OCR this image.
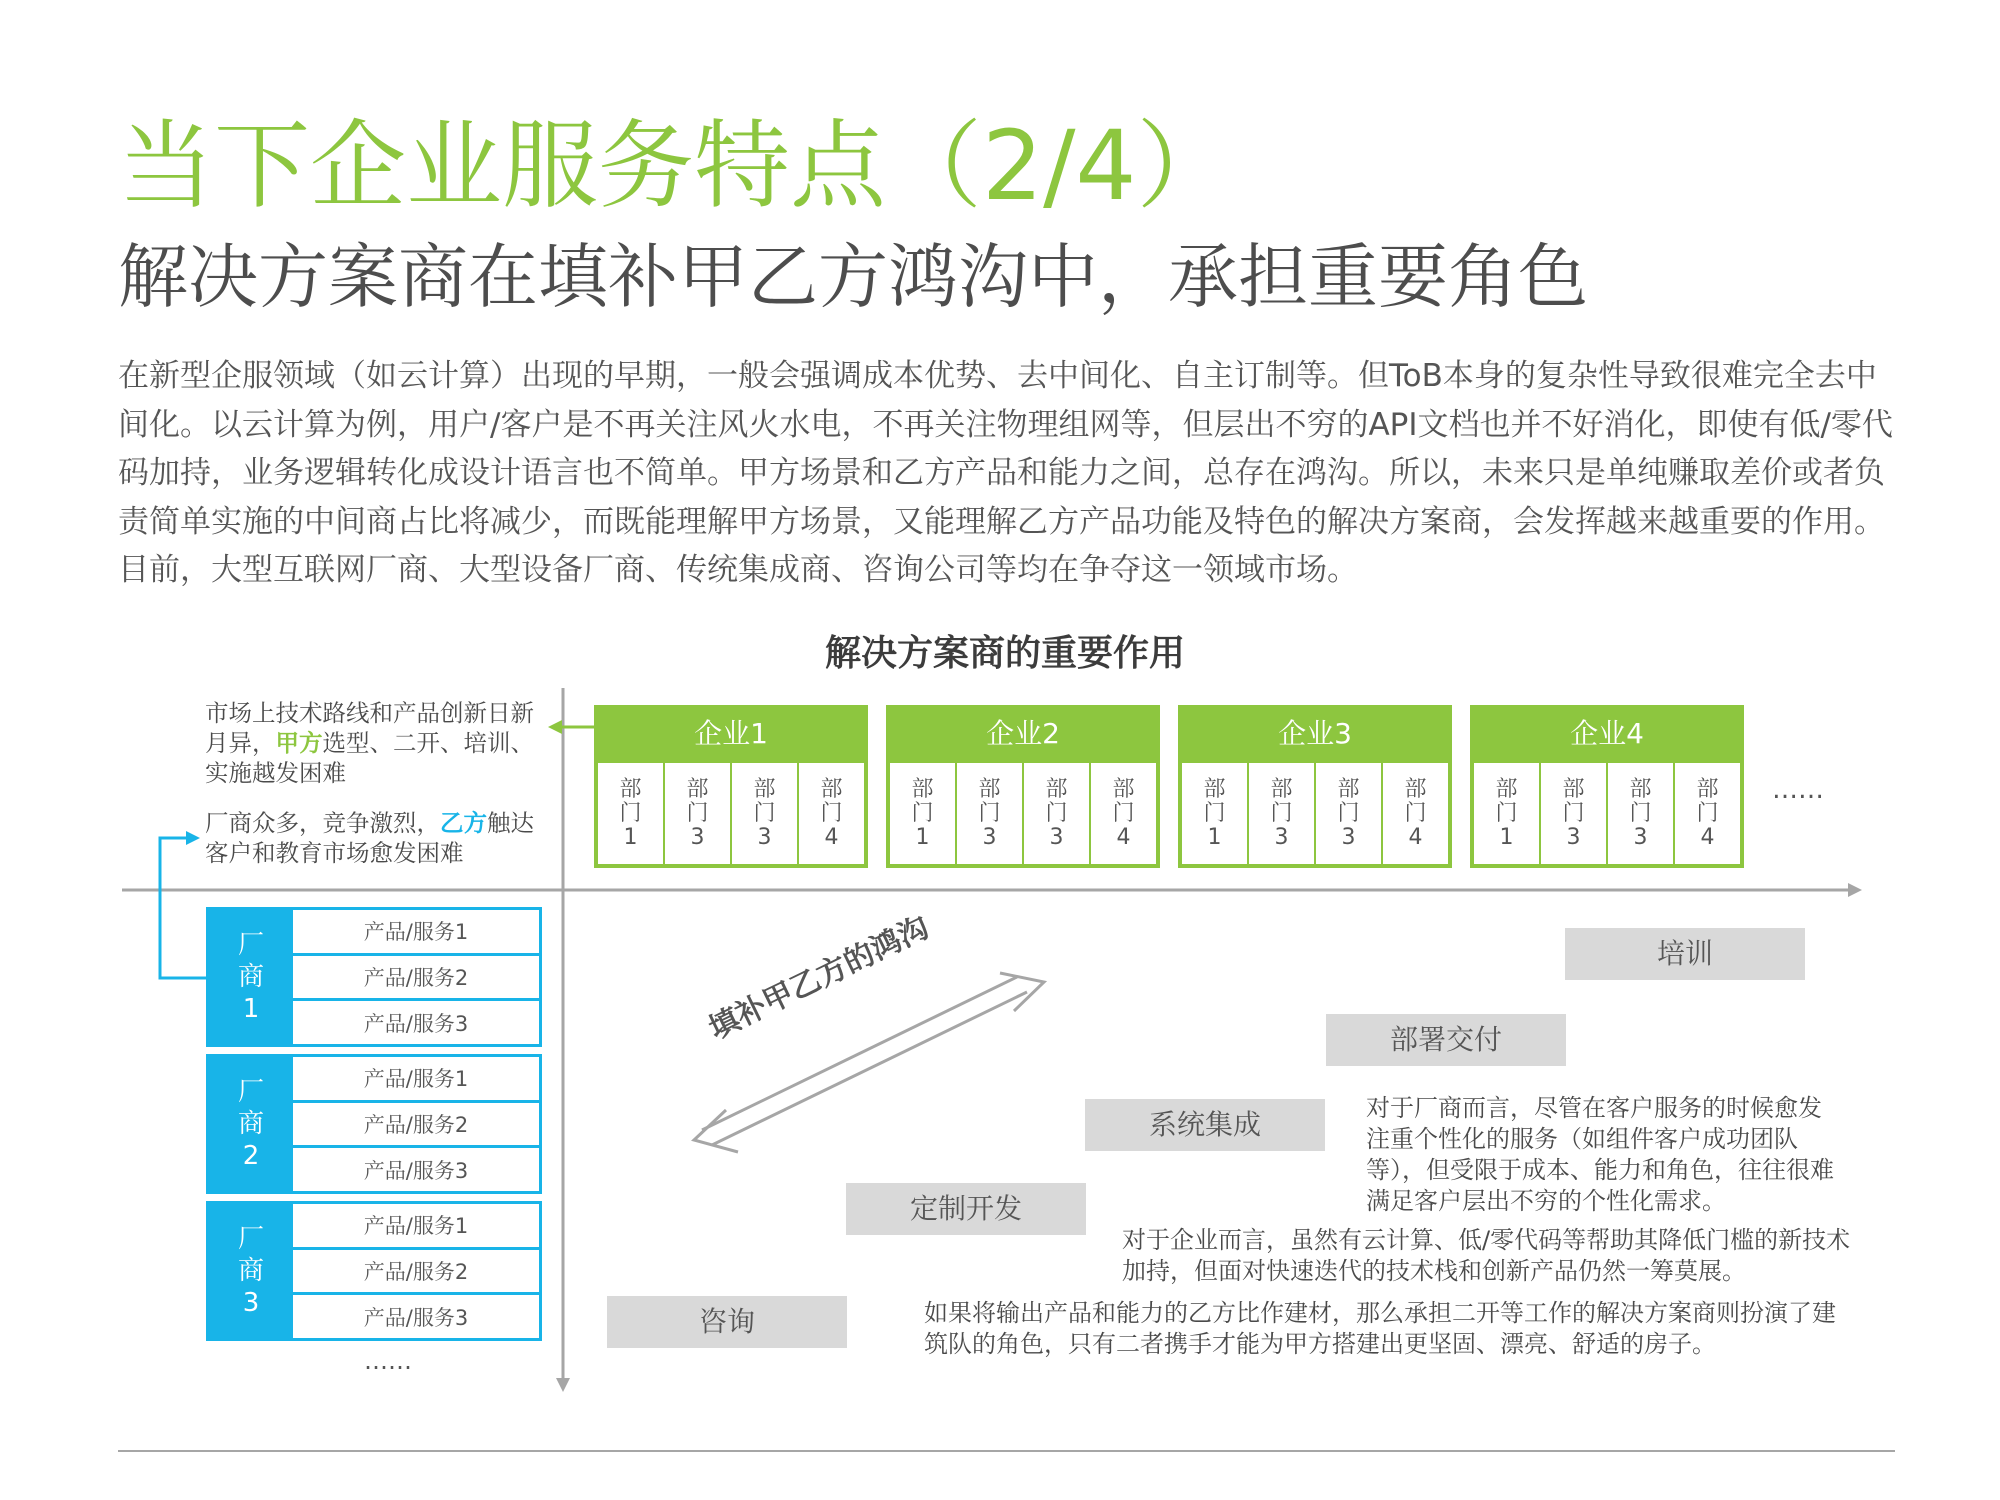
当下企业服务特点（2/4）
解决方案商在填补甲乙方鸿沟中，承担重要角色

在新型企服领域（如云计算）出现的早期，一般会强调成本优势、去中间化、自主订制等。但ToB本身的复杂性导致很难完全去中间化。以云计算为例，用户/客户是不再关注风火水电，不再关注物理组网等，但层出不穷的API文档也并不好消化，即使有低/零代码加持，业务逻辑转化成设计语言也不简单。甲方场景和乙方产品和能力之间，总存在鸿沟。所以，未来只是单纯赚取差价或者负责简单实施的中间商占比将减少，而既能理解甲方场景，又能理解乙方产品功能及特色的解决方案商，会发挥越来越重要的作用。目前，大型互联网厂商、大型设备厂商、传统集成商、咨询公司等均在争夺这一领域市场。

解决方案商的重要作用
市场上技术路线和产品创新日新月异，甲方选型、二开、培训、实施越发困难
厂商众多，竞争激烈，乙方触达客户和教育市场愈发困难
企业1
部
门
1
部
门
3
部
门
3
部
门
4
企业2
部
门
1
部
门
3
部
门
3
部
门
4
企业3
部
门
1
部
门
3
部
门
3
部
门
4
企业4
部
门
1
部
门
3
部
门
3
部
门
4
……
厂
商
1
产品/服务1
产品/服务2
产品/服务3
厂
商
2
产品/服务1
产品/服务2
产品/服务3
厂
商
3
产品/服务1
产品/服务2
产品/服务3
……
填补甲乙方的鸿沟
咨询
定制开发
系统集成
部署交付
培训
对于厂商而言，尽管在客户服务的时候愈发注重个性化的服务（如组件客户成功团队等），但受限于成本、能力和角色，往往很难满足客户层出不穷的个性化需求。
对于企业而言，虽然有云计算、低/零代码等帮助其降低门槛的新技术加持，但面对快速迭代的技术栈和创新产品仍然一筹莫展。
如果将输出产品和能力的乙方比作建材，那么承担二开等工作的解决方案商则扮演了建筑队的角色，只有二者携手才能为甲方搭建出更坚固、漂亮、舒适的房子。
